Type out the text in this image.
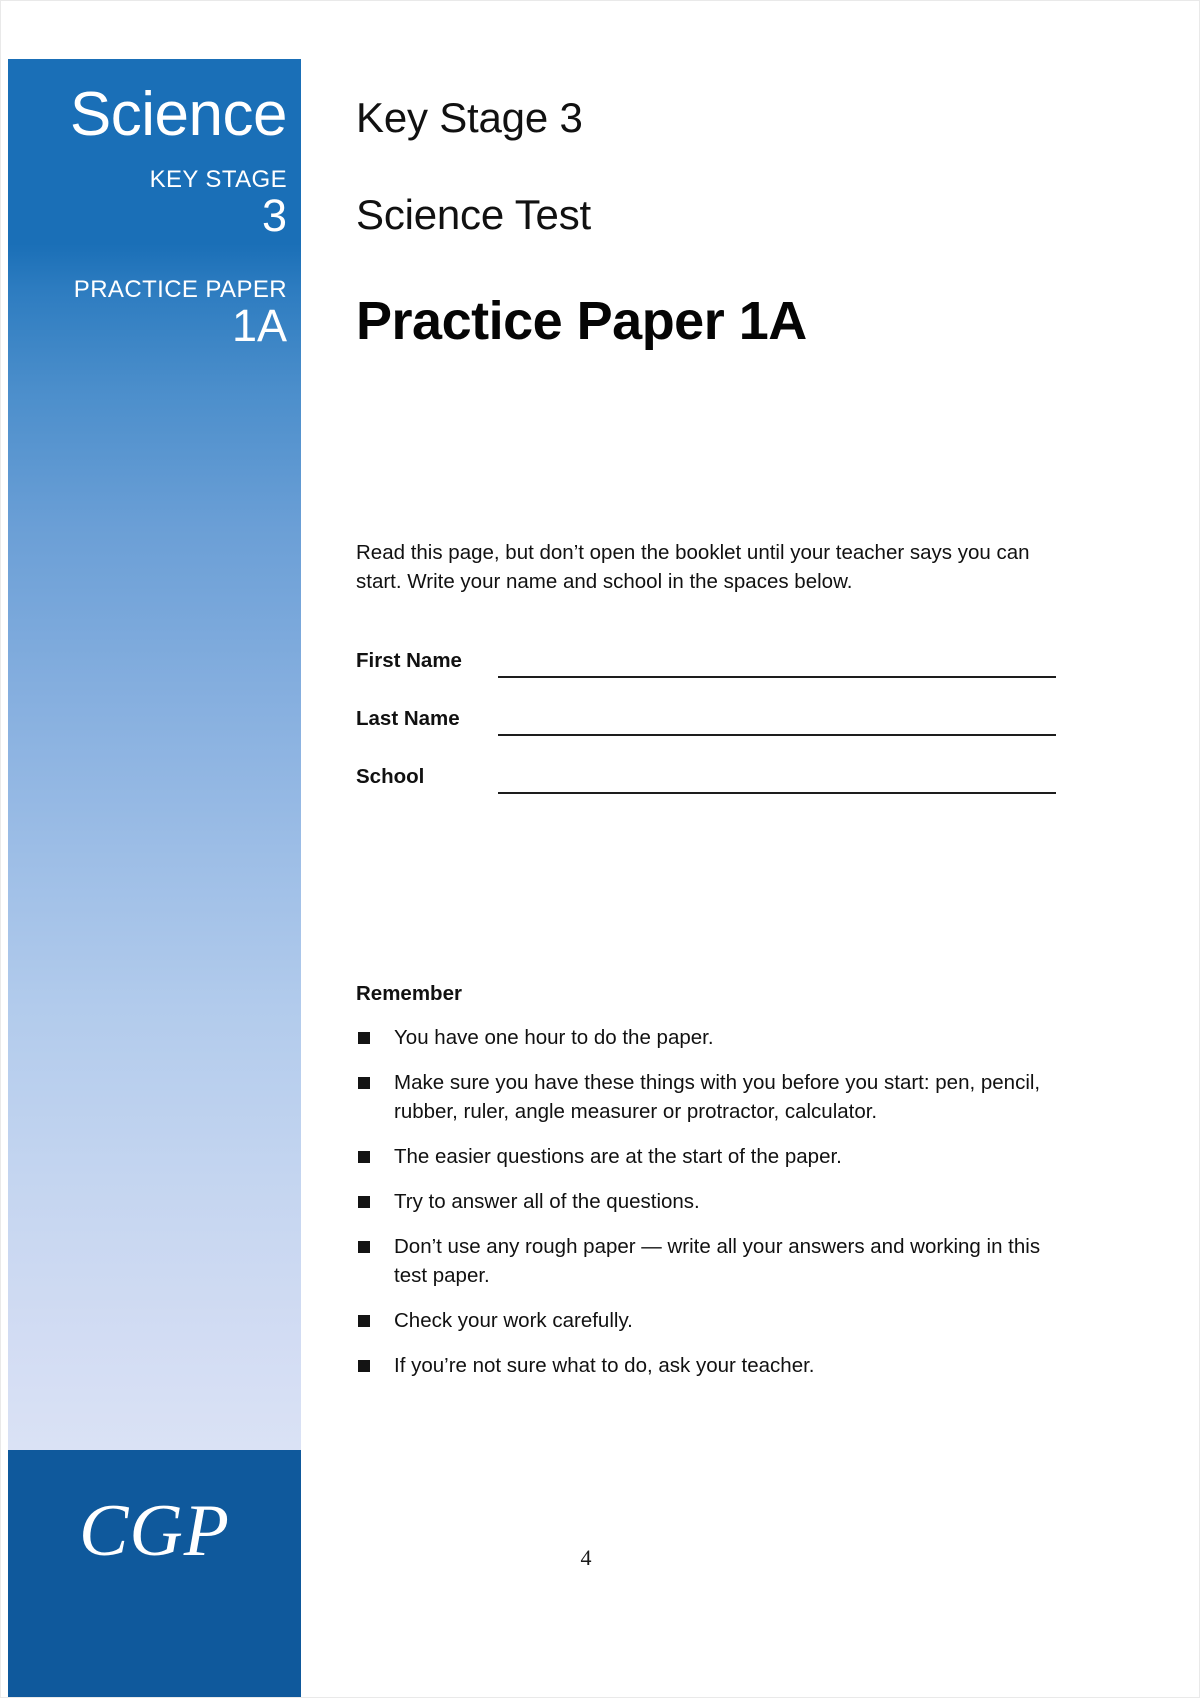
Science
KEY STAGE
3
PRACTICE PAPER
1A
CGP
Key Stage 3
Science Test
Practice Paper 1A
Read this page, but don’t open the booklet until your teacher says you can start. Write your name and school in the spaces below.
First Name
Last Name
School
Remember
You have one hour to do the paper.
Make sure you have these things with you before you start: pen, pencil, rubber, ruler, angle measurer or protractor, calculator.
The easier questions are at the start of the paper.
Try to answer all of the questions.
Don’t use any rough paper — write all your answers and working in this test paper.
Check your work carefully.
If you’re not sure what to do, ask your teacher.
4
